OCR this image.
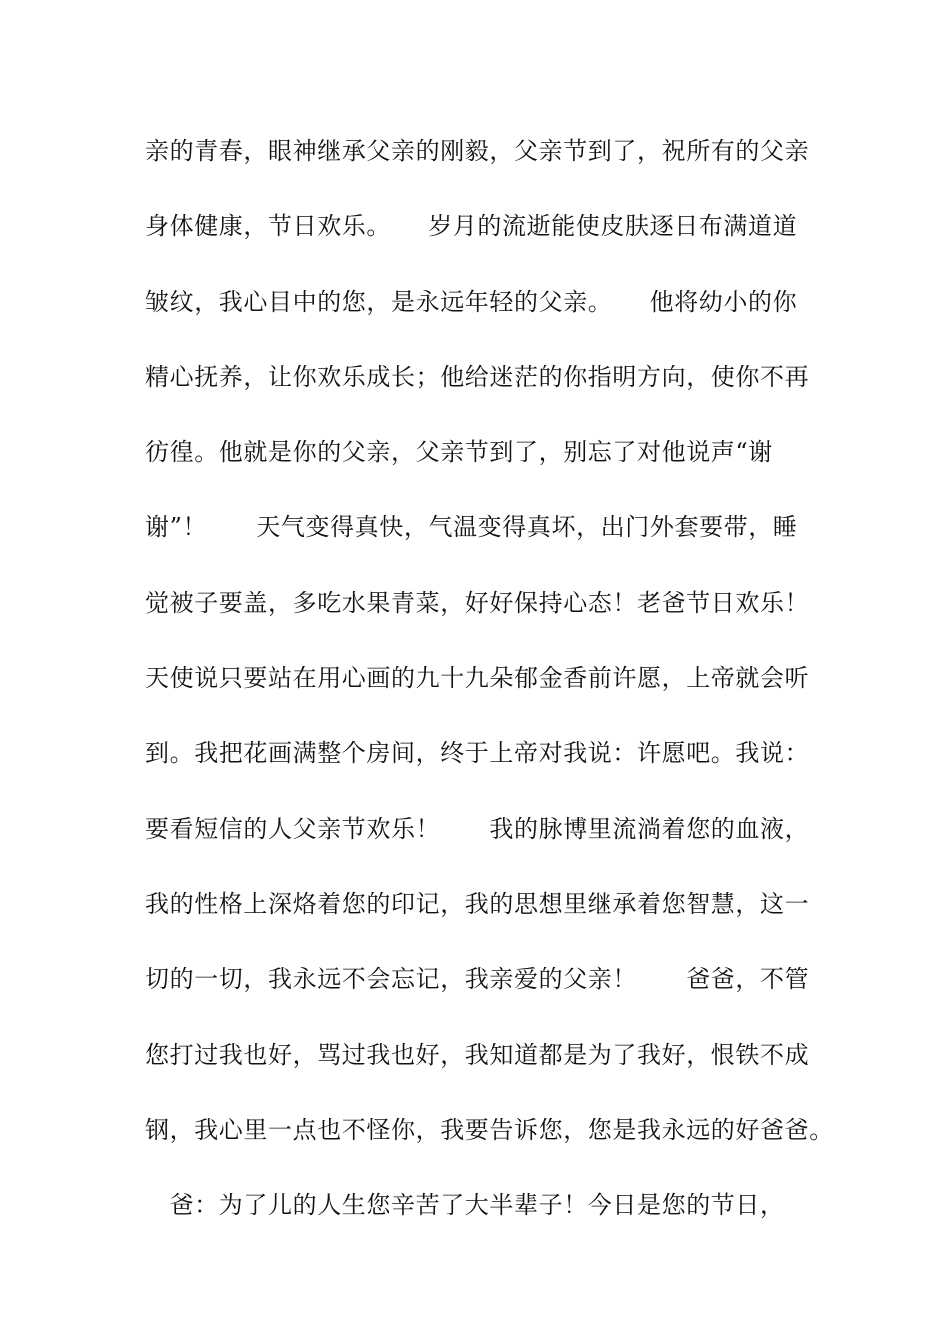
亲的青春，眼神继承父亲的刚毅，父亲节到了，祝所有的父亲
身体健康，节日欢乐。　　岁月的流逝能使皮肤逐日布满道道
皱纹，我心目中的您，是永远年轻的父亲。　　他将幼小的你
精心抚养，让你欢乐成长；他给迷茫的你指明方向，使你不再
彷徨。他就是你的父亲，父亲节到了，别忘了对他说声“谢
谢”！　　天气变得真快，气温变得真坏，出门外套要带，睡
觉被子要盖，多吃水果青菜，好好保持心态！老爸节日欢乐！
天使说只要站在用心画的九十九朵郁金香前许愿，上帝就会听
到。我把花画满整个房间，终于上帝对我说：许愿吧。我说：
要看短信的人父亲节欢乐！　　我的脉博里流淌着您的血液，
我的性格上深烙着您的印记，我的思想里继承着您智慧，这一
切的一切，我永远不会忘记，我亲爱的父亲！　　爸爸，不管
您打过我也好，骂过我也好，我知道都是为了我好，恨铁不成
钢，我心里一点也不怪你，我要告诉您，您是我永远的好爸爸。
　爸：为了儿的人生您辛苦了大半辈子！今日是您的节日，
